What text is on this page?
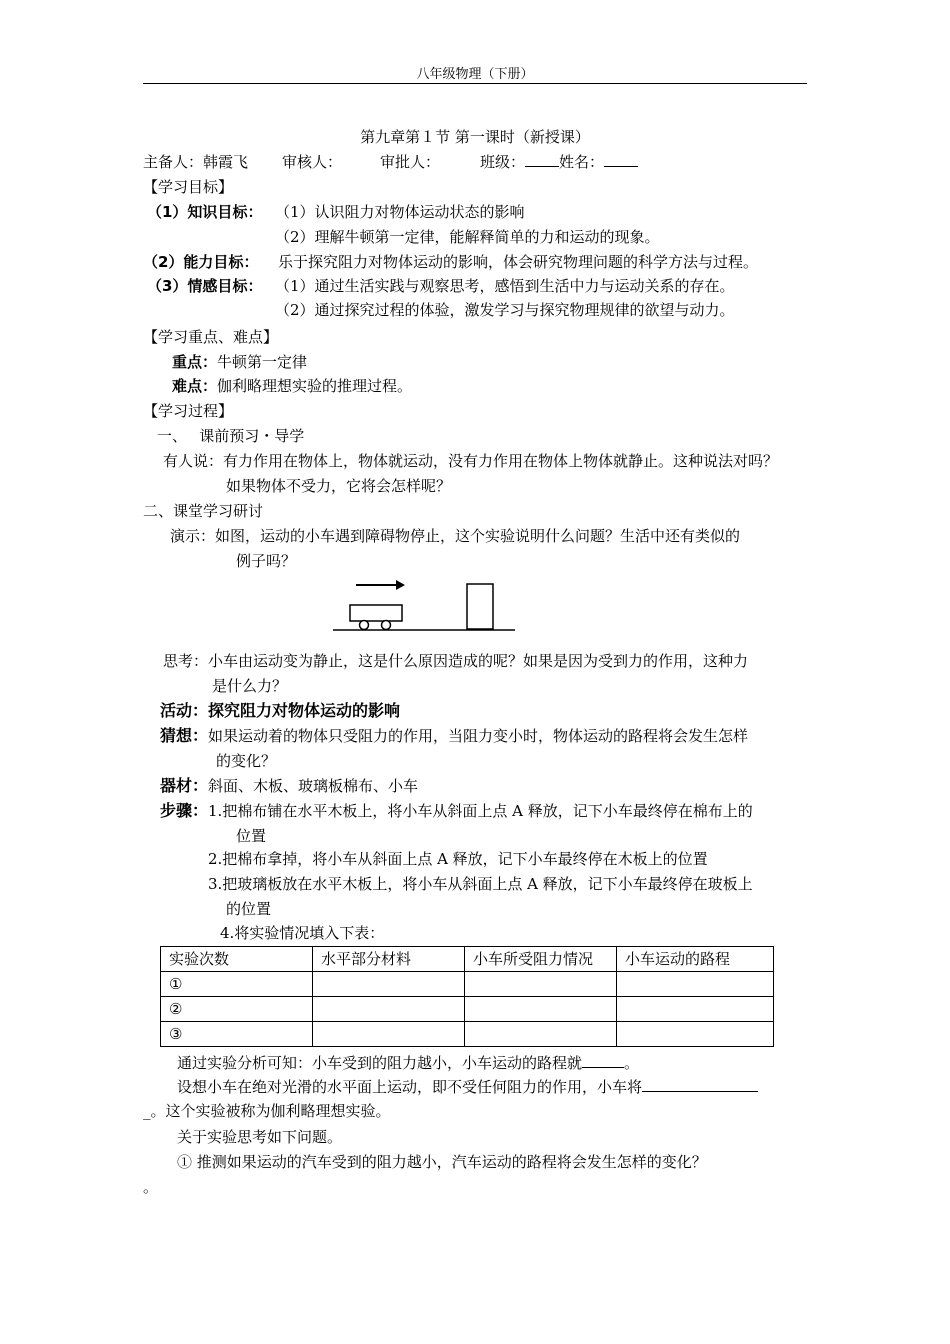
八年级物理（下册）
第九章第１节 第一课时（新授课）
主备人：韩霞飞 审核人：	审批人：	班级： 姓名：
【学习目标】
（1）知识目标： （1）认识阻力对物体运动状态的影响
（2）理解牛顿第一定律，能解释简单的力和运动的现象。
（2）能力目标： 乐于探究阻力对物体运动的影响，体会研究物理问题的科学方法与过程。
（3）情感目标： （1）通过生活实践与观察思考，感悟到生活中力与运动关系的存在。
（2）通过探究过程的体验，激发学习与探究物理规律的欲望与动力。
【学习重点、难点】
重点：牛顿第一定律
难点：伽利略理想实验的推理过程。
【学习过程】
一、　 课前预习・导学
有人说：有力作用在物体上，物体就运动，没有力作用在物体上物体就静止。这种说法对吗？
如果物体不受力，它将会怎样呢？
二、课堂学习研讨
演示：如图，运动的小车遇到障碍物停止，这个实验说明什么问题？生活中还有类似的
例子吗？
思考：小车由运动变为静止，这是什么原因造成的呢？如果是因为受到力的作用，这种力
是什么力？
活动：探究阻力对物体运动的影响
猜想：如果运动着的物体只受阻力的作用，当阻力变小时，物体运动的路程将会发生怎样
的变化？
器材：斜面、木板、玻璃板棉布、小车
步骤：1.把棉布铺在水平木板上，将小车从斜面上点 A 释放，记下小车最终停在棉布上的
位置
2.把棉布拿掉，将小车从斜面上点 A 释放，记下小车最终停在木板上的位置
3.把玻璃板放在水平木板上，将小车从斜面上点 A 释放，记下小车最终停在玻板上
的位置
4.将实验情况填入下表：
实验次数	水平部分材料	小车所受阻力情况	小车运动的路程
①			
②			
③			
通过实验分析可知：小车受到的阻力越小，小车运动的路程就	。
设想小车在绝对光滑的水平面上运动，即不受任何阻力的作用，小车将
_。这个实验被称为伽利略理想实验。
关于实验思考如下问题。
① 推测如果运动的汽车受到的阻力越小，汽车运动的路程将会发生怎样的变化？
。
